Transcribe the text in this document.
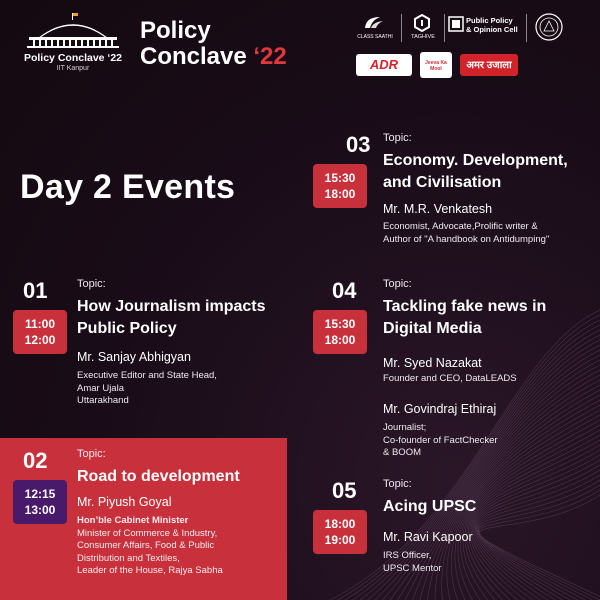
Policy Conclave ‘22
IIT Kanpur
Policy
Conclave ‘22
CLASS SAATHI	TAGHIVE
Public Policy
& Opinion Cell
ADR	Jeeva Ka Mool	अमर उजाला
Day 2 Events
03
15:30
18:00
Topic:
Economy. Development,
and Civilisation
Mr. M.R. Venkatesh
Economist, Advocate,Prolific writer &
Author of "A handbook on Antidumping"
01
11:00
12:00
Topic:
How Journalism impacts
Public Policy
Mr. Sanjay Abhigyan
Executive Editor and State Head,
Amar Ujala
Uttarakhand
04
15:30
18:00
Topic:
Tackling fake news in
Digital Media
Mr. Syed Nazakat
Founder and CEO, DataLEADS
Mr. Govindraj Ethiraj
Journalist;
Co-founder of FactChecker
& BOOM
02
12:15
13:00
Topic:
Road to development
Mr. Piyush Goyal
Hon’ble Cabinet Minister
Minister of Commerce & Industry,
Consumer Affairs, Food & Public
Distribution and Textiles,
Leader of the House, Rajya Sabha
05
18:00
19:00
Topic:
Acing UPSC
Mr. Ravi Kapoor
IRS Officer,
UPSC Mentor
